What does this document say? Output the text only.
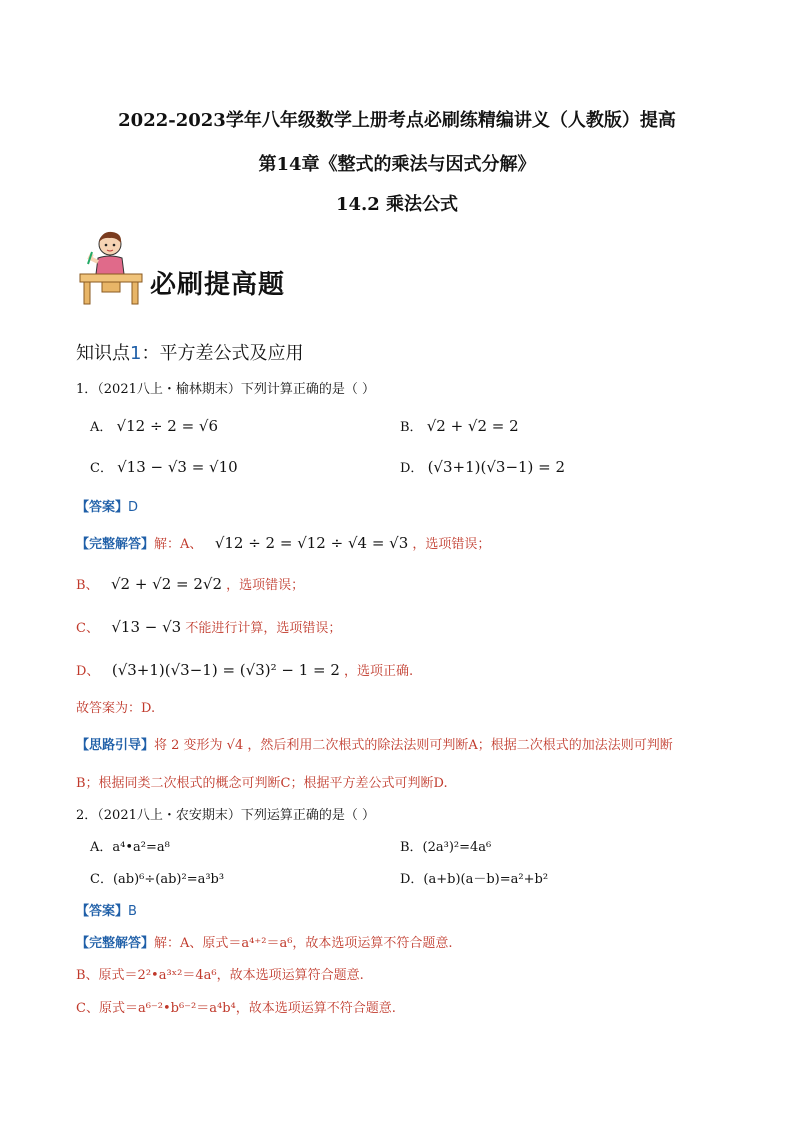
2022-2023学年八年级数学上册考点必刷练精编讲义（人教版）提高
第14章《整式的乘法与因式分解》
14.2 乘法公式
必刷提高题
知识点1：平方差公式及应用
1．（2021八上・榆林期末）下列计算正确的是（ ）
A． √12 ÷ 2 = √6	B． √2 + √2 = 2
C． √13 − √3 = √10	D． (√3+1)(√3−1) = 2
【答案】D
【完整解答】解：A、 √12 ÷ 2 = √12 ÷ √4 = √3 ，选项错误；
B、 √2 + √2 = 2√2 ，选项错误；
C、 √13 − √3 不能进行计算，选项错误；
D、 (√3+1)(√3−1) = (√3)² − 1 = 2 ，选项正确.
故答案为：D.
【思路引导】将 2 变形为 √4 ，然后利用二次根式的除法法则可判断A；根据二次根式的加法法则可判断
B；根据同类二次根式的概念可判断C；根据平方差公式可判断D.
2．（2021八上・农安期末）下列运算正确的是（ ）
A．a⁴•a²=a⁸	B．(2a³)²=4a⁶
C．(ab)⁶÷(ab)²=a³b³	D．(a+b)(a－b)=a²+b²
【答案】B
【完整解答】解：A、原式＝a⁴⁺²＝a⁶，故本选项运算不符合题意.
B、原式＝2²•a³ˣ²＝4a⁶，故本选项运算符合题意.
C、原式＝a⁶⁻²•b⁶⁻²＝a⁴b⁴，故本选项运算不符合题意.
